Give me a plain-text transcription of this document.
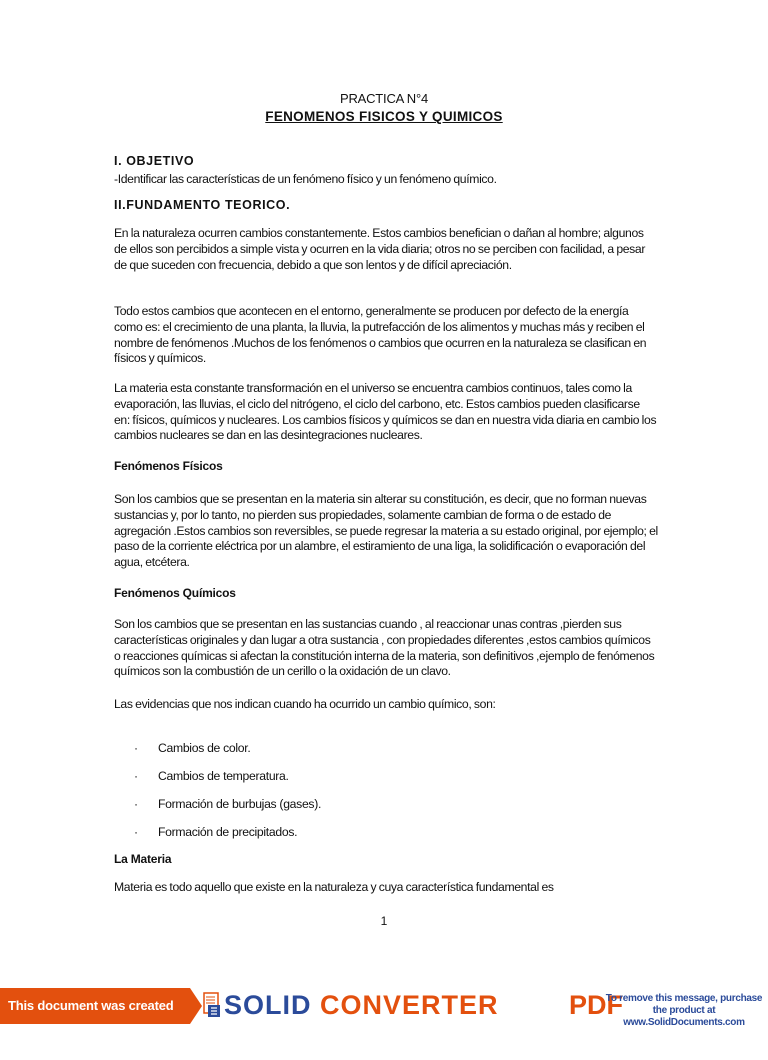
PRACTICA N°4
FENOMENOS FISICOS Y QUIMICOS
I. OBJETIVO
-Identificar las características de un fenómeno físico y un fenómeno químico.
II.FUNDAMENTO TEORICO.
En la naturaleza ocurren cambios constantemente. Estos cambios benefician o dañan al hombre; algunos de ellos son percibidos a simple vista y ocurren en la vida diaria; otros no se perciben con facilidad, a pesar de que suceden con frecuencia, debido a que son lentos y de difícil apreciación.
Todo estos cambios que acontecen en el entorno, generalmente se producen por defecto de la energía como es: el crecimiento de una planta, la lluvia, la putrefacción de los alimentos y muchas más y reciben el nombre de fenómenos .Muchos de los fenómenos o cambios que ocurren en la naturaleza se clasifican en físicos y químicos.
La materia esta constante transformación en el universo se encuentra cambios continuos, tales como la evaporación, las lluvias, el ciclo del nitrógeno, el ciclo del carbono, etc. Estos cambios pueden clasificarse en: físicos, químicos y nucleares. Los cambios físicos y químicos se dan en nuestra vida diaria en cambio los cambios nucleares se dan en las desintegraciones nucleares.
Fenómenos Físicos
Son los cambios que se presentan en la materia sin alterar su constitución, es decir, que no forman nuevas sustancias y, por lo tanto, no pierden sus propiedades, solamente cambian de forma o de estado de agregación .Estos cambios son reversibles, se puede regresar la materia a su estado original, por ejemplo; el paso de la corriente eléctrica por un alambre, el estiramiento de una liga, la solidificación o evaporación del agua, etcétera.
Fenómenos Químicos
Son los cambios que se presentan en las sustancias cuando , al reaccionar unas contras ,pierden sus características originales y dan lugar a otra sustancia , con propiedades diferentes ,estos cambios químicos o reacciones químicas si afectan la constitución interna de la materia, son definitivos ,ejemplo de fenómenos químicos son la combustión de un cerillo o la oxidación de un clavo.
Las evidencias que nos indican cuando ha ocurrido un cambio químico, son:
· Cambios de color.
· Cambios de temperatura.
· Formación de burbujas (gases).
· Formación de precipitados.
La Materia
Materia es todo aquello que existe en la naturaleza y cuya característica fundamental es
1
This document was created using
SOLID CONVERTER	PDF
To remove this message, purchase the product at www.SolidDocuments.com
